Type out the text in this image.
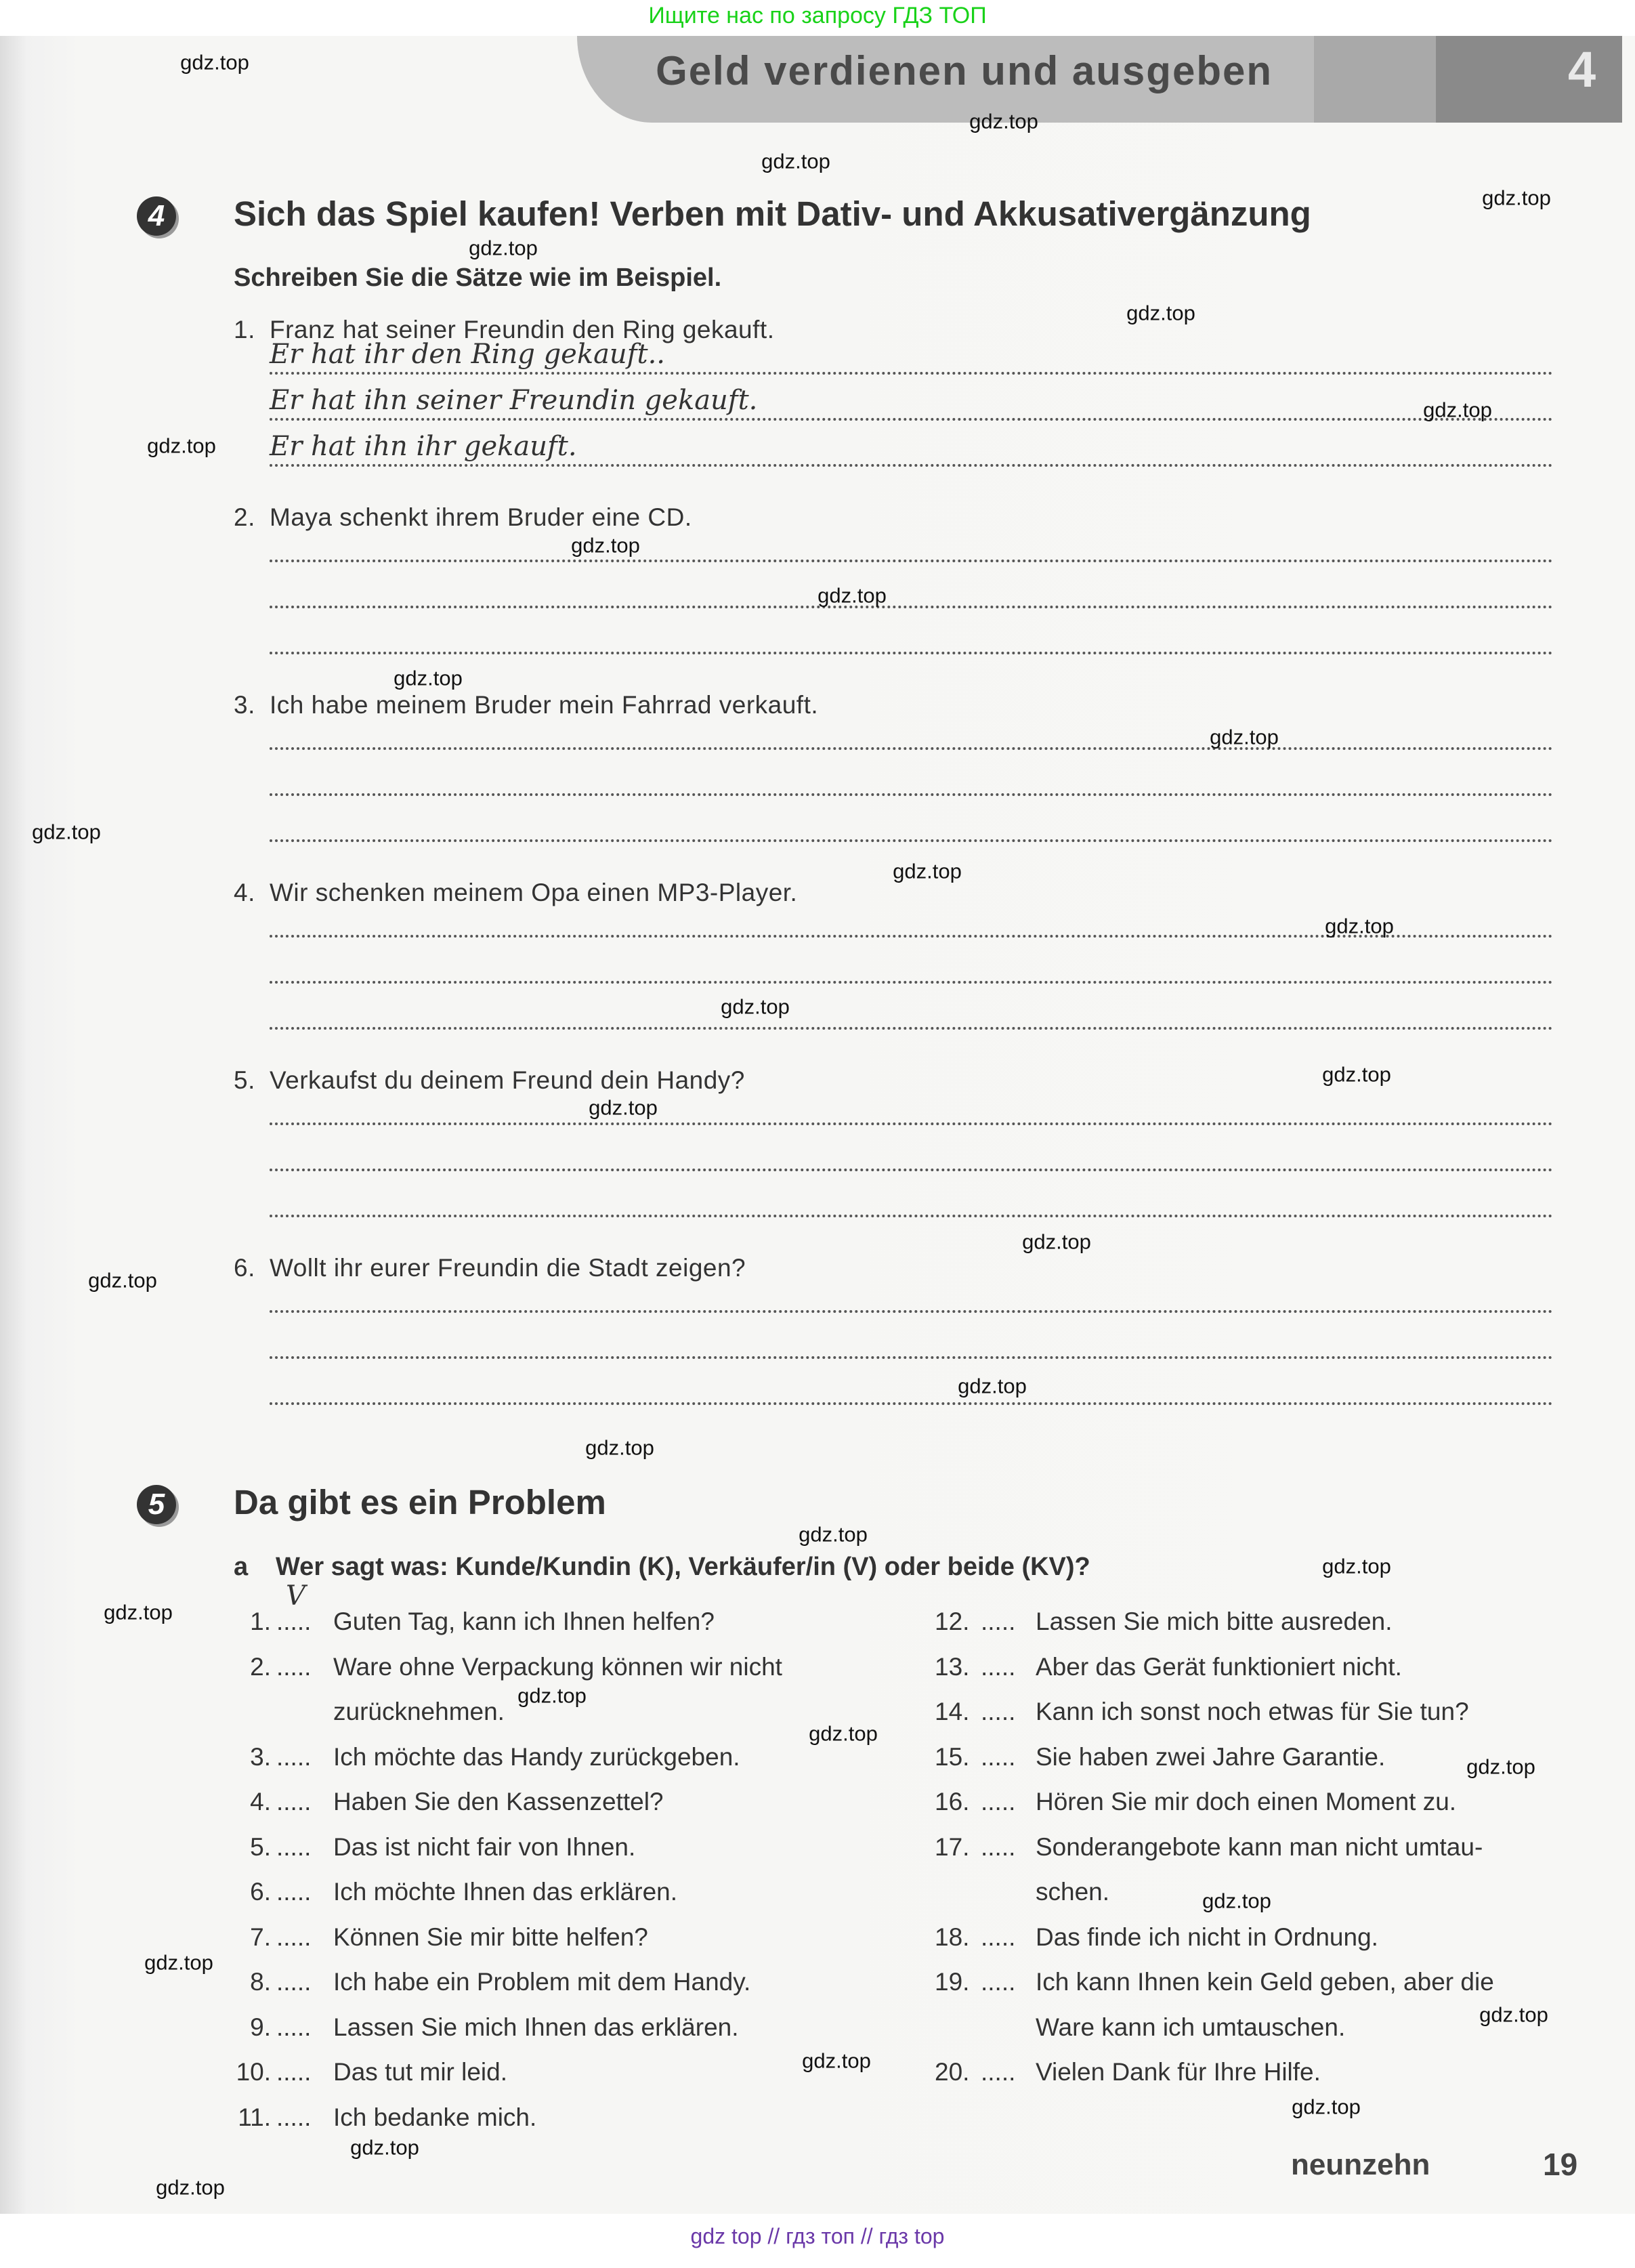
Ищите нас по запросу ГДЗ ТОП
Geld verdienen und ausgeben	4
4	Sich das Spiel kaufen! Verben mit Dativ- und Akkusativergänzung
Schreiben Sie die Sätze wie im Beispiel.
1. Franz hat seiner Freundin den Ring gekauft.
Er hat ihr den Ring gekauft..
Er hat ihn seiner Freundin gekauft.
Er hat ihn ihr gekauft.
2. Maya schenkt ihrem Bruder eine CD.
3. Ich habe meinem Bruder mein Fahrrad verkauft.
4. Wir schenken meinem Opa einen MP3-Player.
5. Verkaufst du deinem Freund dein Handy?
6. Wollt ihr eurer Freundin die Stadt zeigen?
5	Da gibt es ein Problem
a Wer sagt was: Kunde/Kundin (K), Verkäufer/in (V) oder beide (KV)?
1. .....
V
Guten Tag, kann ich Ihnen helfen?
2. ..... Ware ohne Verpackung können wir nicht
zurücknehmen.
3. ..... Ich möchte das Handy zurückgeben.
4. ..... Haben Sie den Kassenzettel?
5. ..... Das ist nicht fair von Ihnen.
6. ..... Ich möchte Ihnen das erklären.
7. ..... Können Sie mir bitte helfen?
8. ..... Ich habe ein Problem mit dem Handy.
9. ..... Lassen Sie mich Ihnen das erklären.
10. ..... Das tut mir leid.
11. ..... Ich bedanke mich.
12. ..... Lassen Sie mich bitte ausreden.
13. ..... Aber das Gerät funktioniert nicht.
14. ..... Kann ich sonst noch etwas für Sie tun?
15. ..... Sie haben zwei Jahre Garantie.
16. ..... Hören Sie mir doch einen Moment zu.
17. ..... Sonderangebote kann man nicht umtau-
schen.
18. ..... Das finde ich nicht in Ordnung.
19. ..... Ich kann Ihnen kein Geld geben, aber die
Ware kann ich umtauschen.
20. ..... Vielen Dank für Ihre Hilfe.
neunzehn	19
gdz top // гдз топ // гдз top
gdz.top
gdz.top
gdz.top
gdz.top
gdz.top
gdz.top
gdz.top
gdz.top
gdz.top
gdz.top
gdz.top
gdz.top
gdz.top
gdz.top
gdz.top
gdz.top
gdz.top
gdz.top
gdz.top
gdz.top
gdz.top
gdz.top
gdz.top
gdz.top
gdz.top
gdz.top
gdz.top
gdz.top
gdz.top
gdz.top
gdz.top
gdz.top
gdz.top
gdz.top
gdz.top
